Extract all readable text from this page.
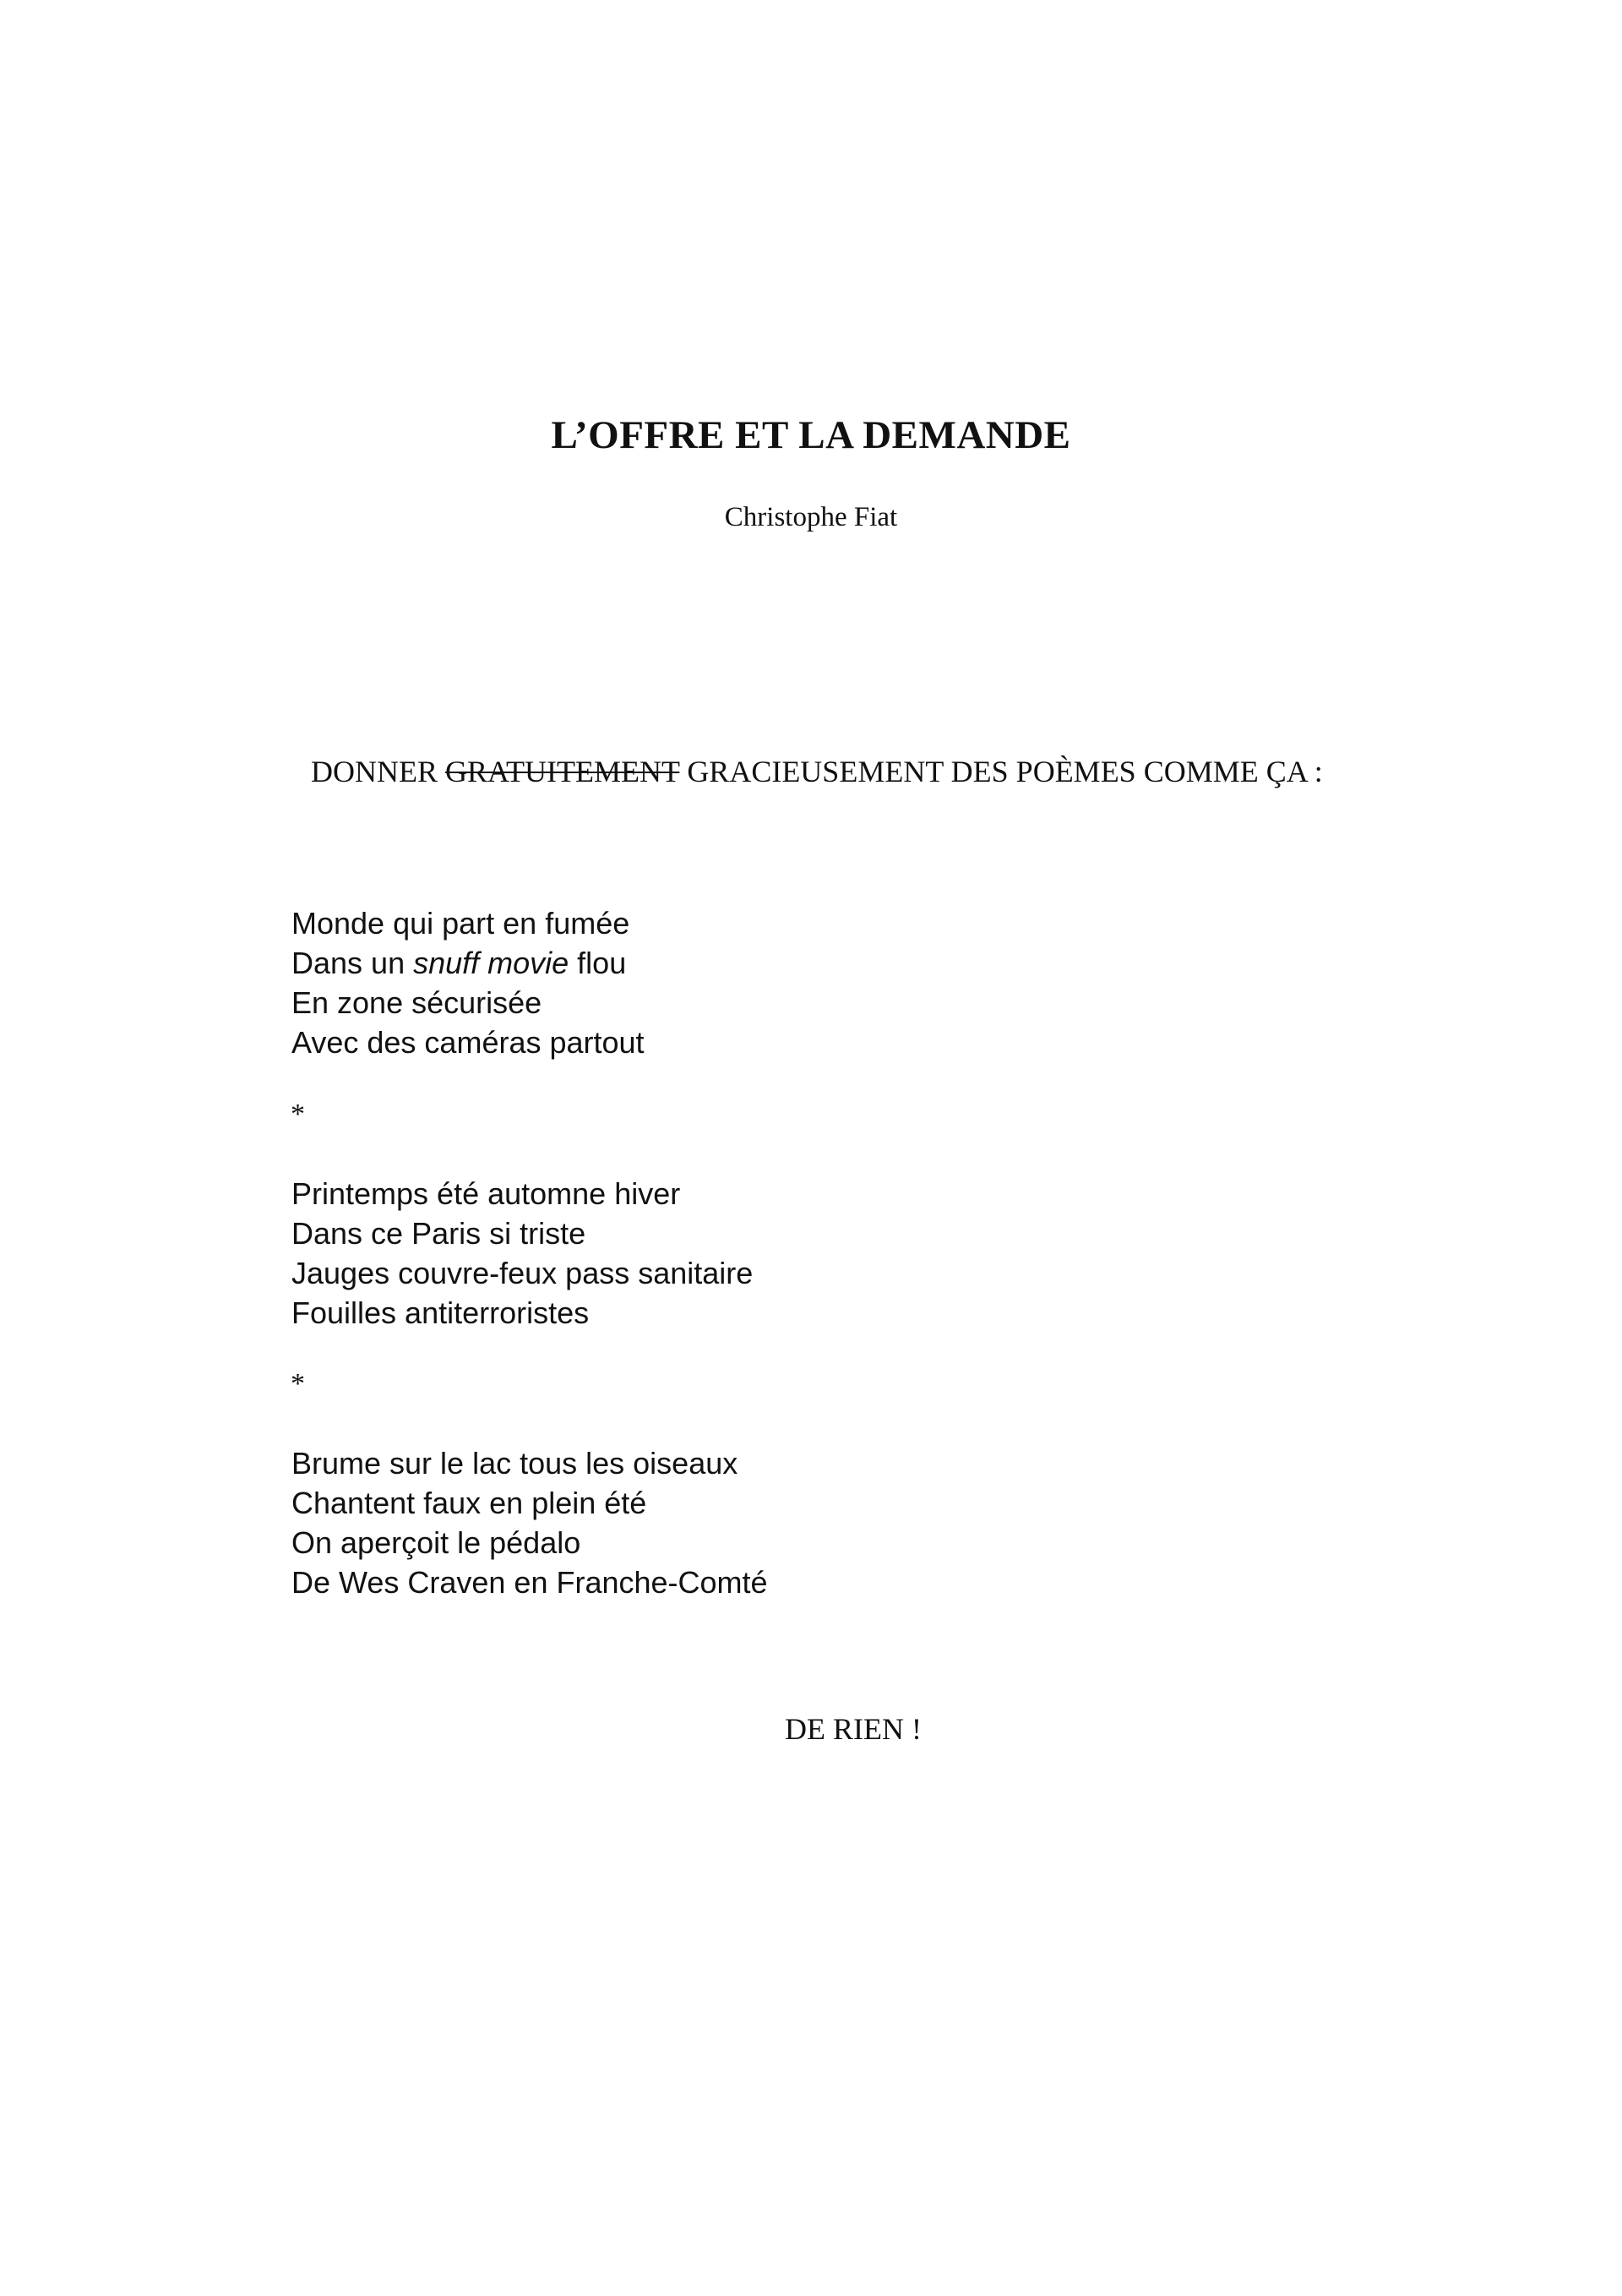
L’OFFRE ET LA DEMANDE

Christophe Fiat

DONNER GRATUITEMENT GRACIEUSEMENT DES POÈMES COMME ÇA :

Monde qui part en fumée
Dans un snuff movie flou
En zone sécurisée
Avec des caméras partout

*

Printemps été automne hiver
Dans ce Paris si triste
Jauges couvre-feux pass sanitaire
Fouilles antiterroristes

*

Brume sur le lac tous les oiseaux
Chantent faux en plein été
On aperçoit le pédalo
De Wes Craven en Franche-Comté

DE RIEN !
